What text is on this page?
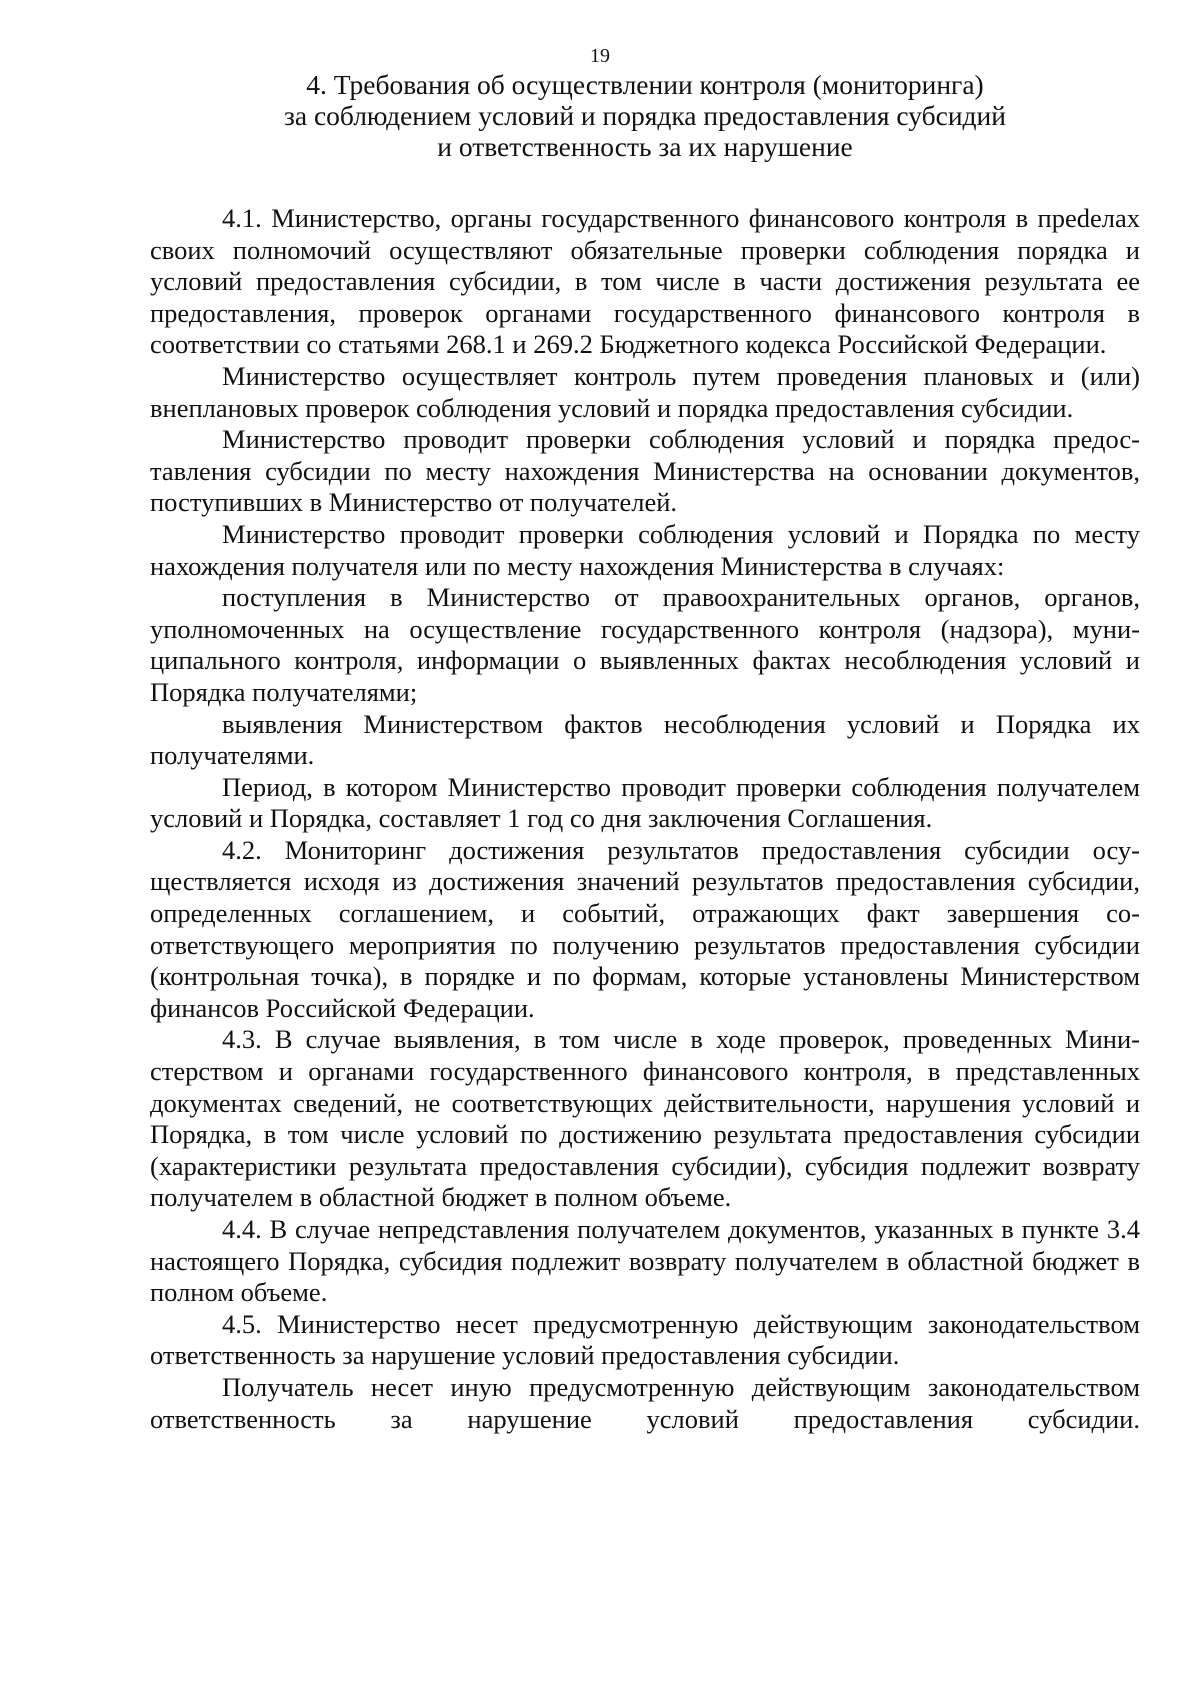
19
4. Требования об осуществлении контроля (мониторинга)
за соблюдением условий и порядка предоставления субсидий
и ответственность за их нарушение

4.1. Министерство, органы государственного финансового контроля в преdелах своих полномочий осуществляют обязательные проверки соблюдения порядка и условий предоставления субсидии, в том числе в части достижения результата ее предоставления, проверок органами государственного финансового контроля в соответствии со статьями 268.1 и 269.2 Бюджетного кодекса Российской Федерации.

Министерство осуществляет контроль путем проведения плановых и (или) внеплановых проверок соблюдения условий и порядка предоставления субсидии.

Министерство проводит проверки соблюдения условий и порядка предоставления субсидии по месту нахождения Министерства на основании документов, поступивших в Министерство от получателей.

Министерство проводит проверки соблюдения условий и Порядка по месту нахождения получателя или по месту нахождения Министерства в случаях:

поступления в Министерство от правоохранительных органов, органов, уполномоченных на осуществление государственного контроля (надзора), муниципального контроля, информации о выявленных фактах несоблюдения условий и Порядка получателями;

выявления Министерством фактов несоблюдения условий и Порядка их получателями.

Период, в котором Министерство проводит проверки соблюдения получателем условий и Порядка, составляет 1 год со дня заключения Соглашения.

4.2. Мониторинг достижения результатов предоставления субсидии осуществляется исходя из достижения значений результатов предоставления субсидии, определенных соглашением, и событий, отражающих факт завершения соответствующего мероприятия по получению результатов предоставления субсидии (контрольная точка), в порядке и по формам, которые установлены Министерством финансов Российской Федерации.

4.3. В случае выявления, в том числе в ходе проверок, проведенных Министерством и органами государственного финансового контроля, в представленных документах сведений, не соответствующих действительности, нарушения условий и Порядка, в том числе условий по достижению результата предоставления субсидии (характеристики результата предоставления субсидии), субсидия подлежит возврату получателем в областной бюджет в полном объеме.

4.4. В случае непредставления получателем документов, указанных в пункте 3.4 настоящего Порядка, субсидия подлежит возврату получателем в областной бюджет в полном объеме.

4.5. Министерство несет предусмотренную действующим законодательством ответственность за нарушение условий предоставления субсидии.

Получатель несет иную предусмотренную действующим законодательством ответственность за нарушение условий предоставления субсидии.
